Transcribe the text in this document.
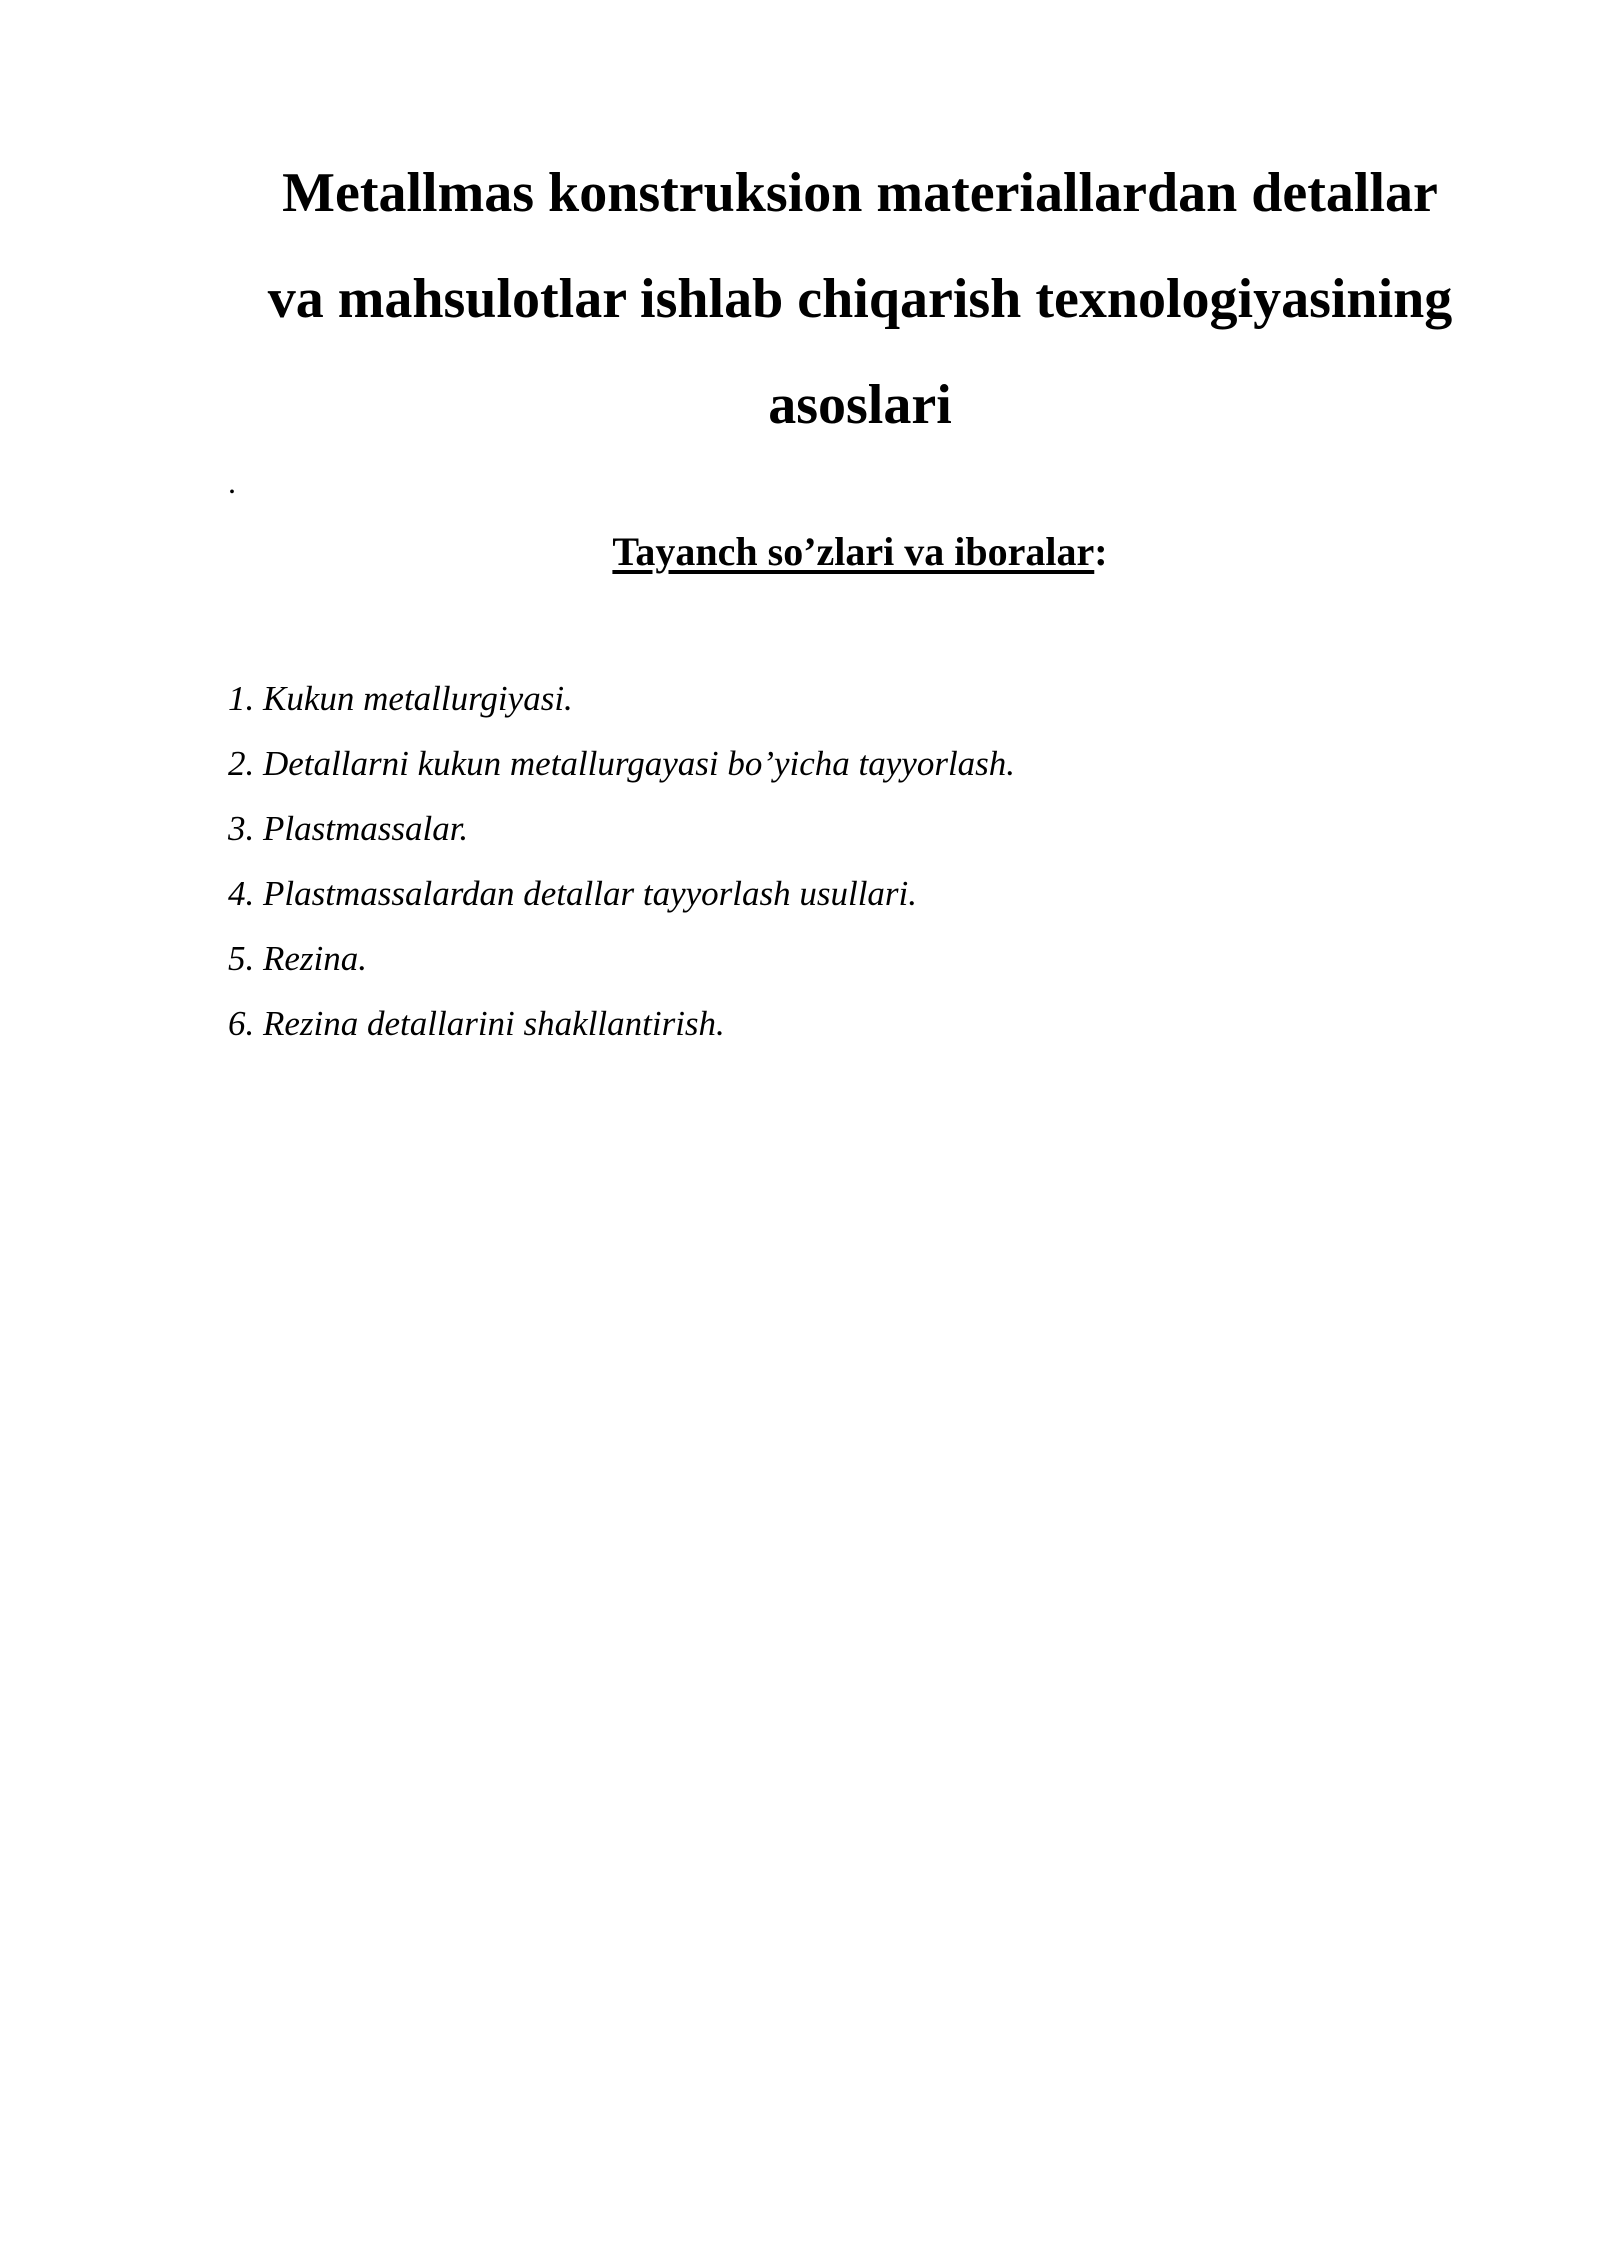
Metallmas konstruksion materiallardan detallar
va mahsulotlar ishlab chiqarish texnologiyasining
asoslari
.
Tayanch so’zlari va iboralar:
1. Kukun metallurgiyasi.
2. Detallarni kukun metallurgayasi bo’yicha tayyorlash.
3. Plastmassalar.
4. Plastmassalardan detallar tayyorlash usullari.
5. Rezina.
6. Rezina detallarini shakllantirish.
